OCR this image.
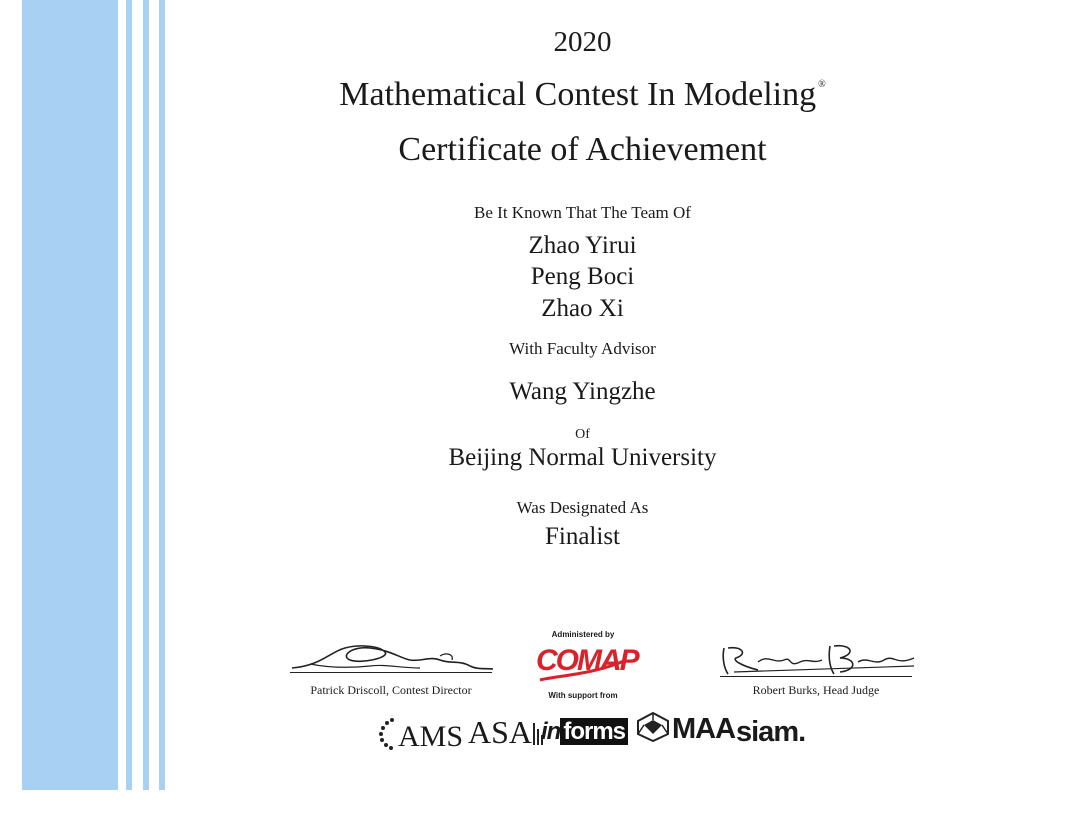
2020
Mathematical Contest In Modeling ®
Certificate of Achievement
Be It Known That The Team Of
Zhao Yirui
Peng Boci
Zhao Xi
With Faculty Advisor
Wang Yingzhe
Of
Beijing Normal University
Was Designated As
Finalist
Patrick Driscoll, Contest Director
Administered by
COMAP
With support from	Robert Burks, Head Judge
AMS ASA in forms	MAA siam.
